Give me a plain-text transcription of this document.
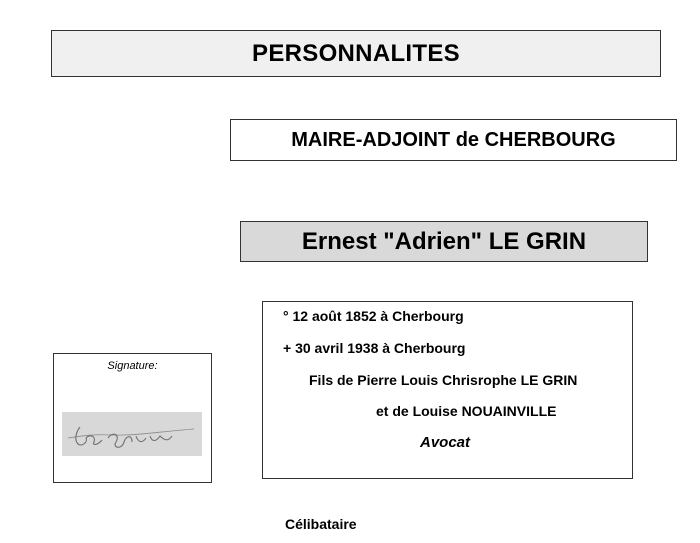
PERSONNALITES
MAIRE-ADJOINT de CHERBOURG
Ernest "Adrien" LE GRIN
Signature:
° 12 août 1852 à Cherbourg
+ 30 avril 1938 à Cherbourg
Fils de Pierre Louis Chrisrophe LE GRIN
et de Louise NOUAINVILLE
Avocat
Célibataire
